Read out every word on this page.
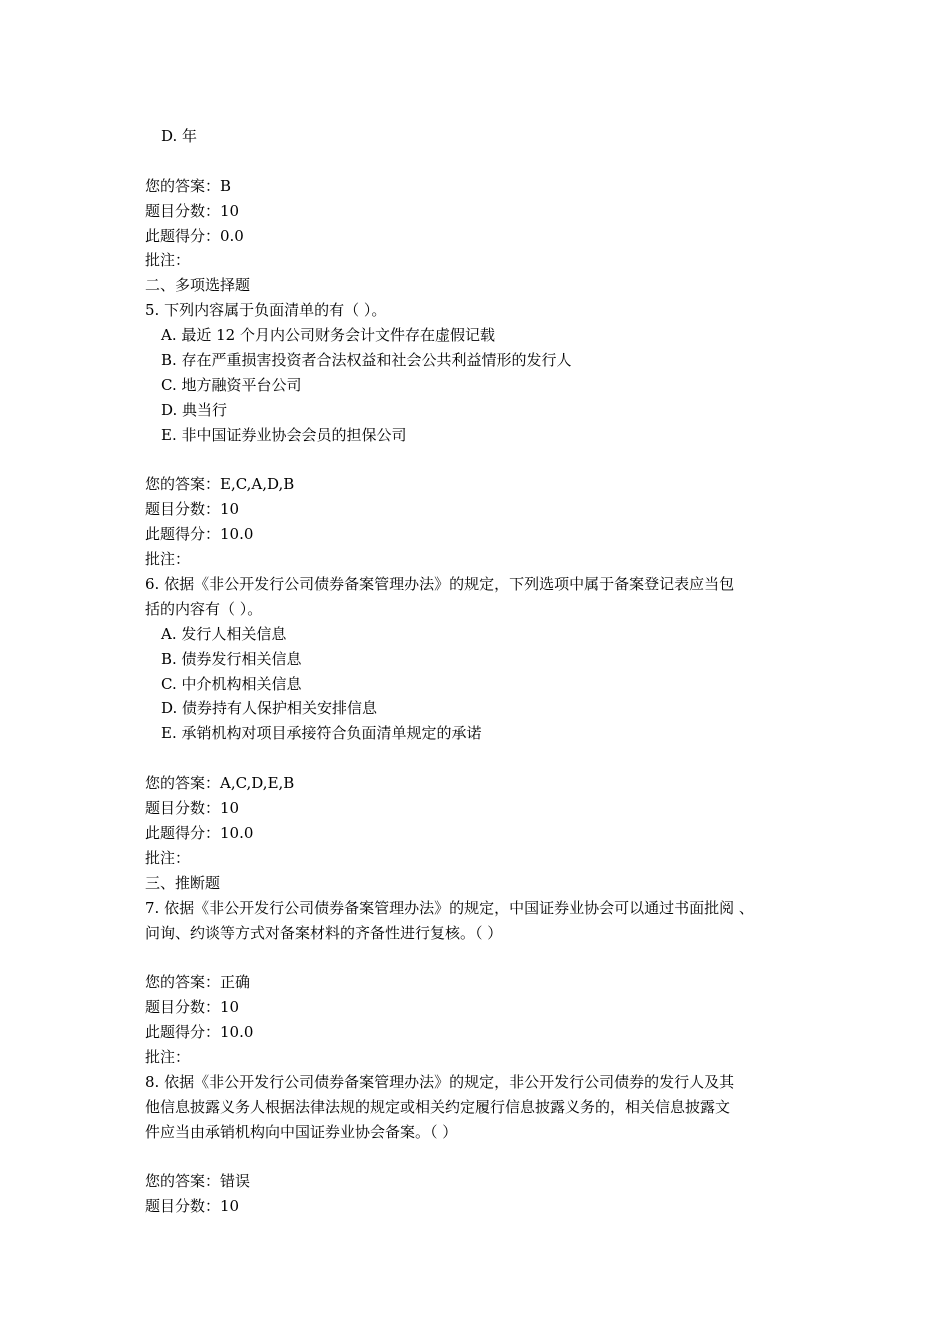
D. 年
您的答案：B
题目分数：10
此题得分：0.0
批注：
二、多项选择题
5. 下列内容属于负面清单的有（ ）。
A. 最近 12 个月内公司财务会计文件存在虚假记载
B. 存在严重损害投资者合法权益和社会公共利益情形的发行人
C. 地方融资平台公司
D. 典当行
E. 非中国证券业协会会员的担保公司
您的答案：E,C,A,D,B
题目分数：10
此题得分：10.0
批注：
6. 依据《非公开发行公司债券备案管理办法》的规定，下列选项中属于备案登记表应当包
括的内容有（ ）。
A. 发行人相关信息
B. 债券发行相关信息
C. 中介机构相关信息
D. 债券持有人保护相关安排信息
E. 承销机构对项目承接符合负面清单规定的承诺
您的答案：A,C,D,E,B
题目分数：10
此题得分：10.0
批注：
三、推断题
7. 依据《非公开发行公司债券备案管理办法》的规定，中国证券业协会可以通过书面批阅 、
问询、约谈等方式对备案材料的齐备性进行复核。（ ）
您的答案：正确
题目分数：10
此题得分：10.0
批注：
8. 依据《非公开发行公司债券备案管理办法》的规定，非公开发行公司债券的发行人及其
他信息披露义务人根据法律法规的规定或相关约定履行信息披露义务的，相关信息披露文
件应当由承销机构向中国证券业协会备案。（ ）
您的答案：错误
题目分数：10
